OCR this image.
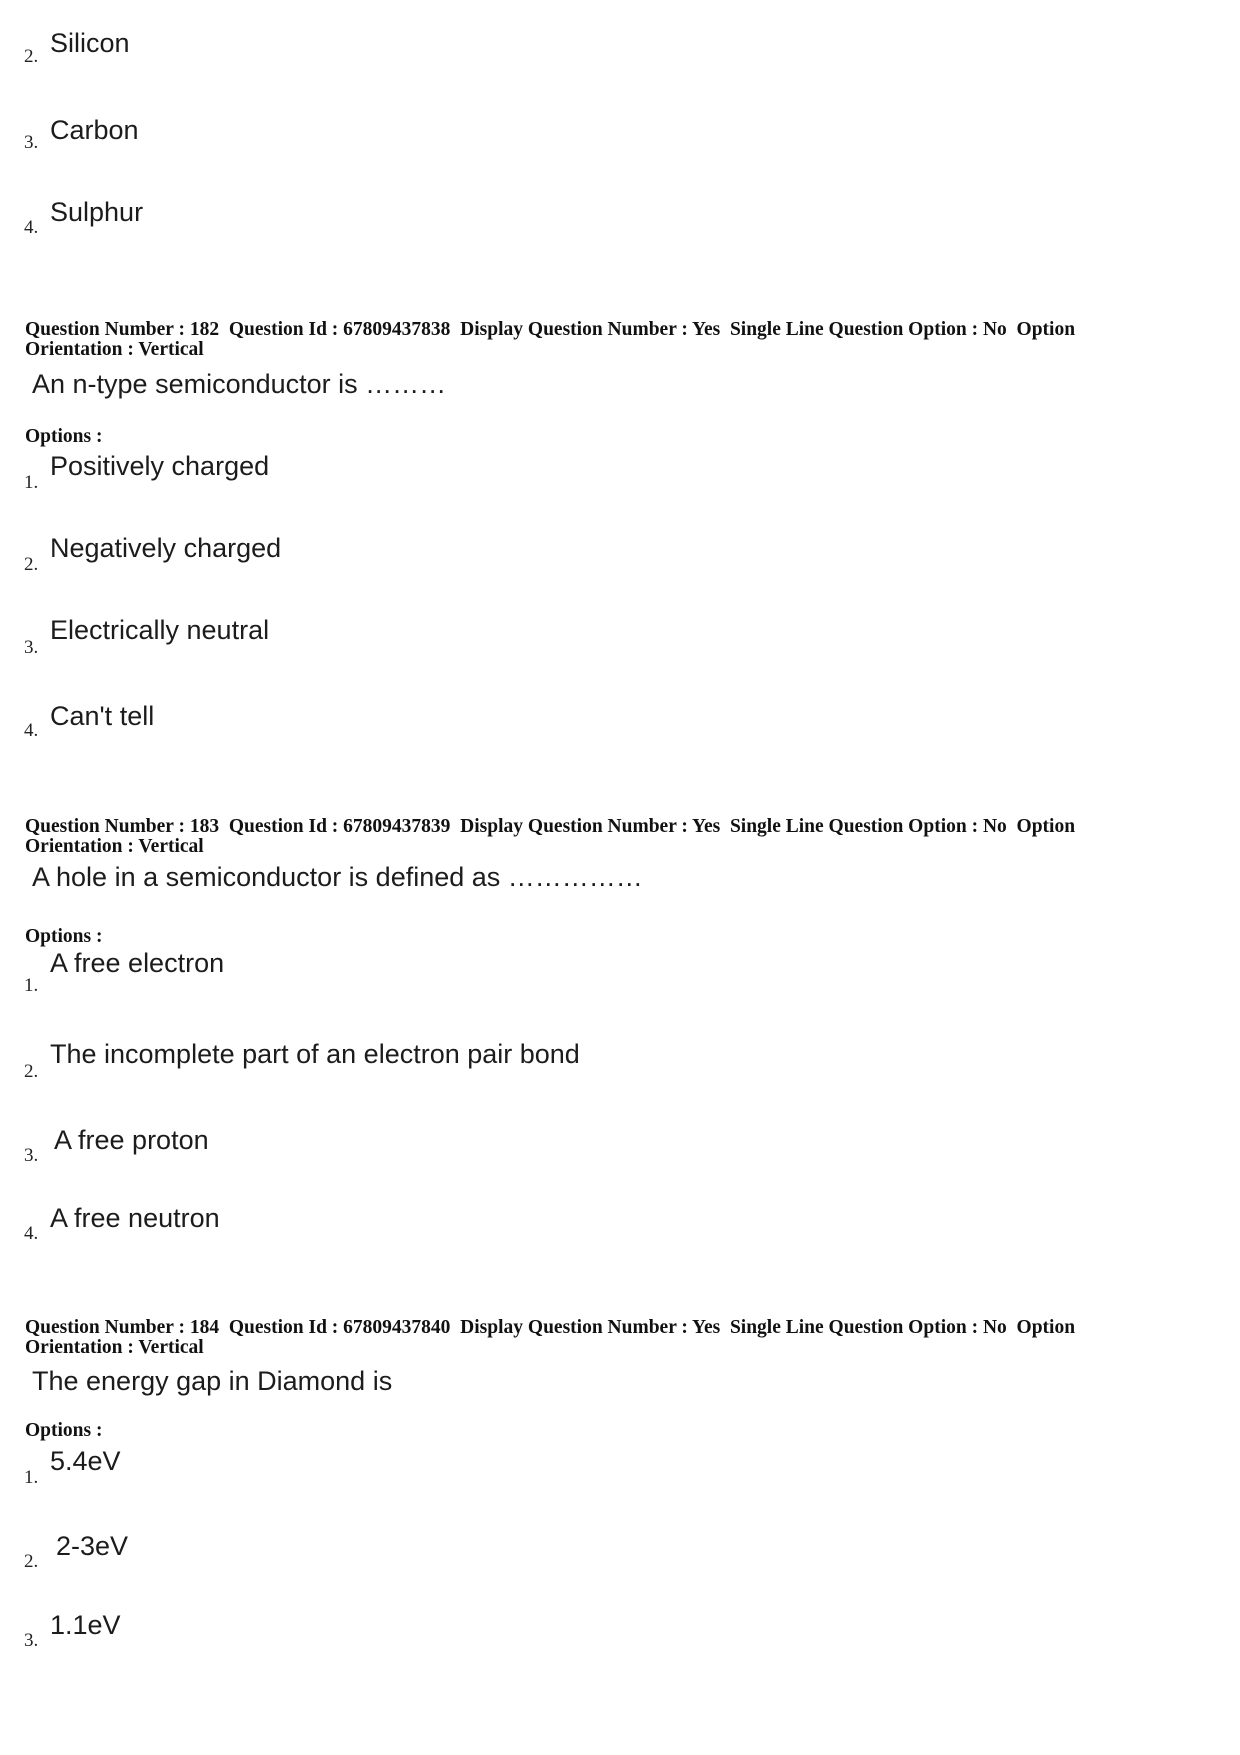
2. Silicon
3. Carbon
4.
Sulphur
Question Number : 182  Question Id : 67809437838  Display Question Number : Yes  Single Line Question Option : No  Option
Orientation : Vertical
An n-type semiconductor is ………
Options :
1.
Positively charged
2.
Negatively charged
3.
Electrically neutral
4. Can't tell
Question Number : 183  Question Id : 67809437839  Display Question Number : Yes  Single Line Question Option : No  Option
Orientation : Vertical
A hole in a semiconductor is defined as ……………
Options :
1.
A free electron
2.
The incomplete part of an electron pair bond
3.
A free proton
4.
A free neutron
Question Number : 184  Question Id : 67809437840  Display Question Number : Yes  Single Line Question Option : No  Option
Orientation : Vertical
The energy gap in Diamond is
Options :
1.
5.4eV
2.
2-3eV
3.
1.1eV
